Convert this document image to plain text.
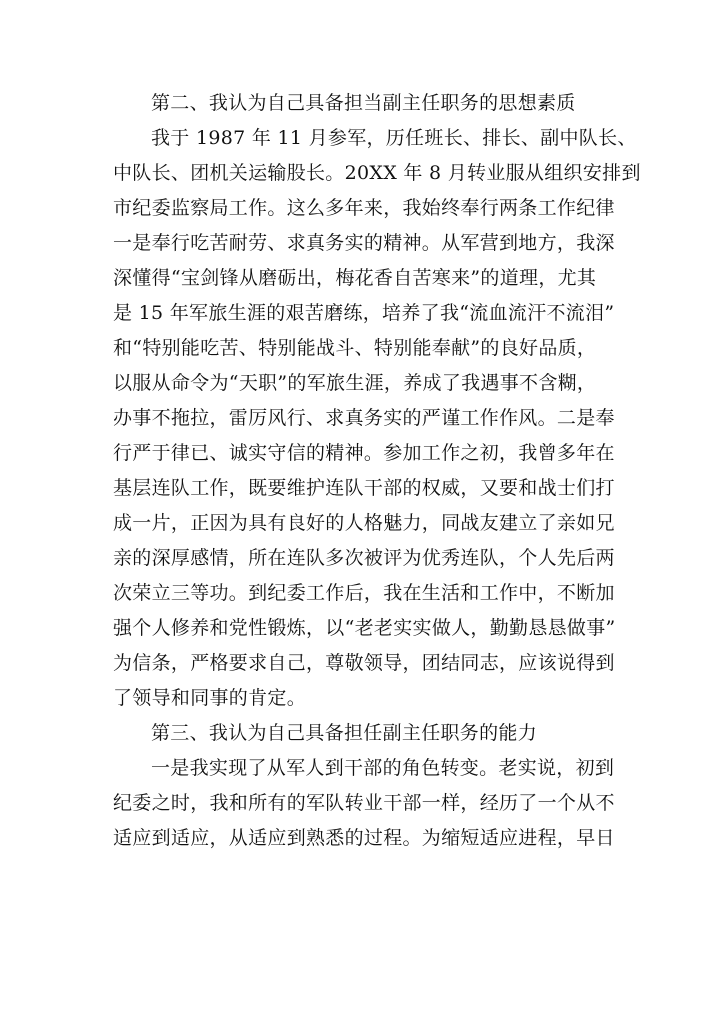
第二、我认为自己具备担当副主任职务的思想素质

我于 1987 年 11 月参军，历任班长、排长、副中队长、
中队长、团机关运输股长。20XX 年 8 月转业服从组织安排到
市纪委监察局工作。这么多年来，我始终奉行两条工作纪律
一是奉行吃苦耐劳、求真务实的精神。从军营到地方，我深
深懂得“宝剑锋从磨砺出，梅花香自苦寒来”的道理，尤其
是 15 年军旅生涯的艰苦磨练，培养了我“流血流汗不流泪”
和“特别能吃苦、特别能战斗、特别能奉献”的良好品质，
以服从命令为“天职”的军旅生涯，养成了我遇事不含糊，
办事不拖拉，雷厉风行、求真务实的严谨工作作风。二是奉
行严于律已、诚实守信的精神。参加工作之初，我曾多年在
基层连队工作，既要维护连队干部的权威，又要和战士们打
成一片，正因为具有良好的人格魅力，同战友建立了亲如兄
亲的深厚感情，所在连队多次被评为优秀连队，个人先后两
次荣立三等功。到纪委工作后，我在生活和工作中，不断加
强个人修养和党性锻炼，以“老老实实做人，勤勤恳恳做事”
为信条，严格要求自己，尊敬领导，团结同志，应该说得到
了领导和同事的肯定。

第三、我认为自己具备担任副主任职务的能力

一是我实现了从军人到干部的角色转变。老实说，初到
纪委之时，我和所有的军队转业干部一样，经历了一个从不
适应到适应，从适应到熟悉的过程。为缩短适应进程，早日
